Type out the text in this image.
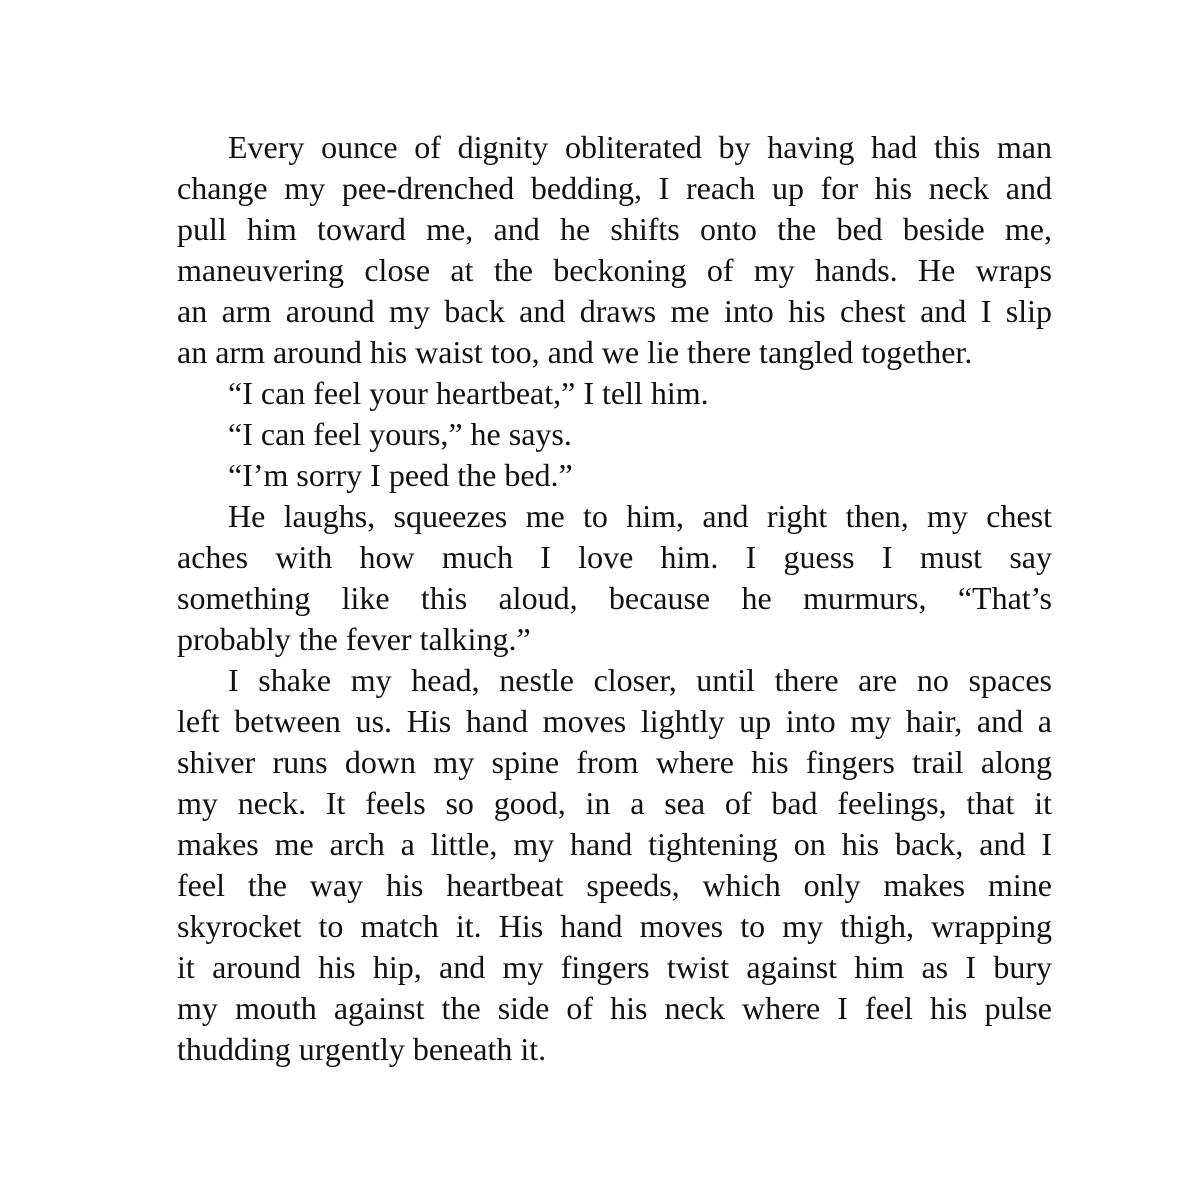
Every ounce of dignity obliterated by having had this man
change my pee-drenched bedding, I reach up for his neck and
pull him toward me, and he shifts onto the bed beside me,
maneuvering close at the beckoning of my hands. He wraps
an arm around my back and draws me into his chest and I slip
an arm around his waist too, and we lie there tangled together.
“I can feel your heartbeat,” I tell him.
“I can feel yours,” he says.
“I’m sorry I peed the bed.”
He laughs, squeezes me to him, and right then, my chest
aches with how much I love him. I guess I must say
something like this aloud, because he murmurs, “That’s
probably the fever talking.”
I shake my head, nestle closer, until there are no spaces
left between us. His hand moves lightly up into my hair, and a
shiver runs down my spine from where his fingers trail along
my neck. It feels so good, in a sea of bad feelings, that it
makes me arch a little, my hand tightening on his back, and I
feel the way his heartbeat speeds, which only makes mine
skyrocket to match it. His hand moves to my thigh, wrapping
it around his hip, and my fingers twist against him as I bury
my mouth against the side of his neck where I feel his pulse
thudding urgently beneath it.
